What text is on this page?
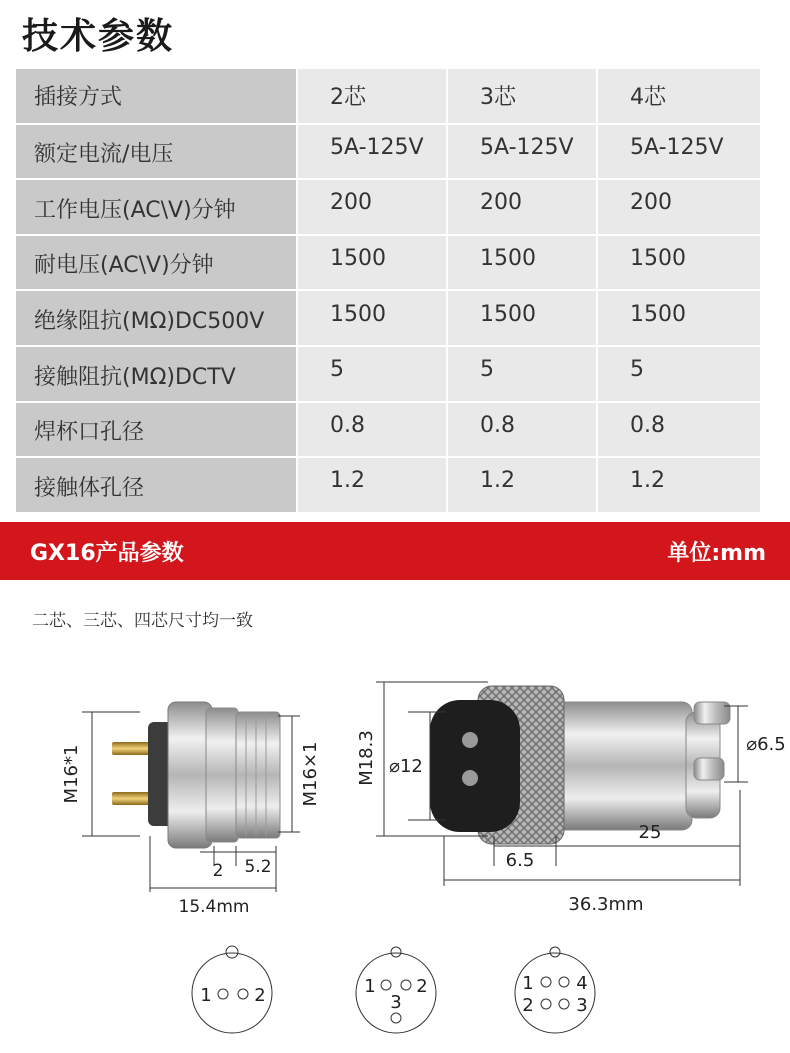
技术参数
插接方式	2芯	3芯	4芯
额定电流/电压	5A-125V	5A-125V	5A-125V
工作电压(AC\V)分钟	200	200	200
耐电压(AC\V)分钟	1500	1500	1500
绝缘阻抗(MΩ)DC500V	1500	1500	1500
接触阻抗(MΩ)DCTV	5	5	5
焊杯口孔径	0.8	0.8	0.8
接触体孔径	1.2	1.2	1.2
GX16产品参数	单位:mm
二芯、三芯、四芯尺寸均一致
M16*1	M16×1
2 5.2
15.4mm
M18.3 ⌀12
⌀6.5
25
6.5
36.3mm
1 2	1 2
3
1 4
2 3
